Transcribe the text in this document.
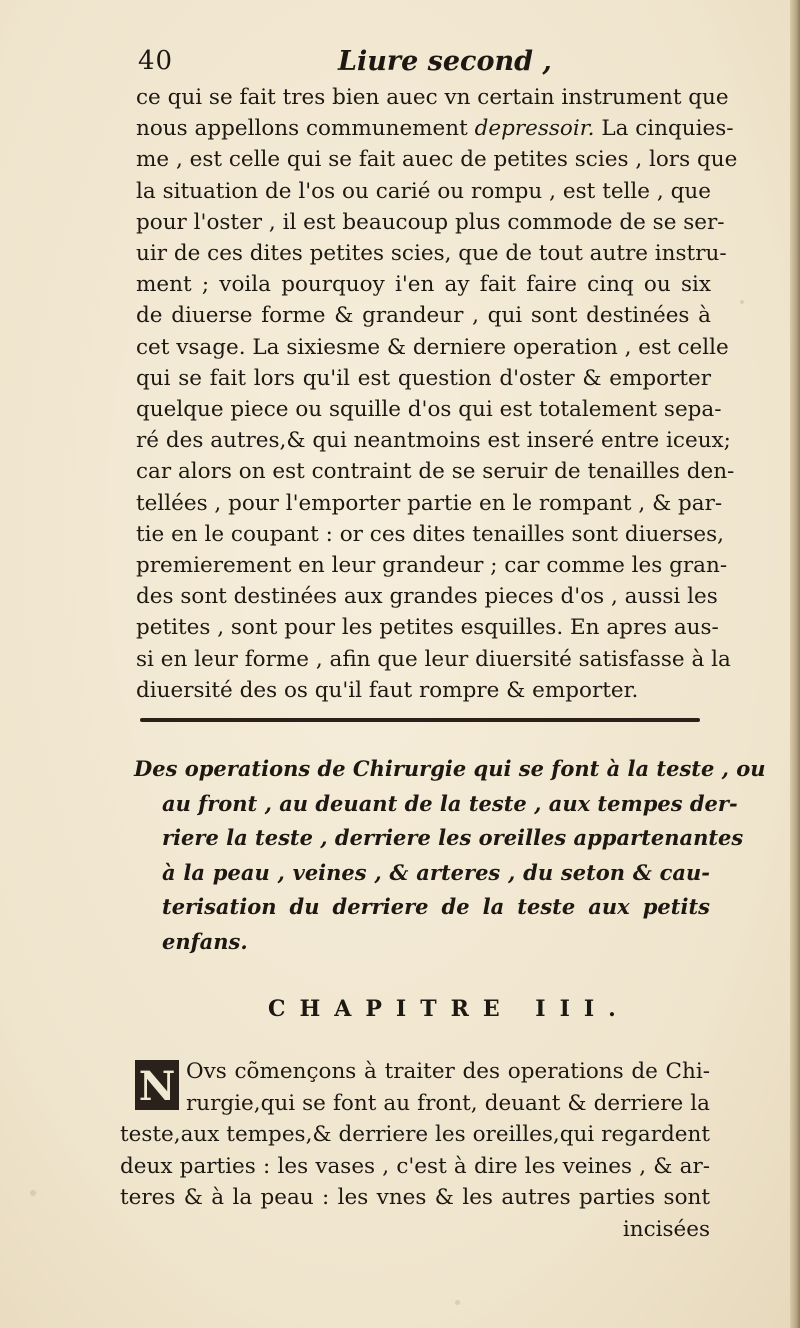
40	Liure second ,
ce qui se fait tres bien auec vn certain instrument que
nous appellons communement depressoir. La cinquies-
me , est celle qui se fait auec de petites scies , lors que
la situation de l'os ou carié ou rompu , est telle , que
pour l'oster , il est beaucoup plus commode de se ser-
uir de ces dites petites scies, que de tout autre instru-
ment ; voila pourquoy i'en ay fait faire cinq ou six
de diuerse forme & grandeur , qui sont destinées à
cet vsage. La sixiesme & derniere operation , est celle
qui se fait lors qu'il est question d'oster & emporter
quelque piece ou squille d'os qui est totalement sepa-
ré des autres,& qui neantmoins est inseré entre iceux;
car alors on est contraint de se seruir de tenailles den-
tellées , pour l'emporter partie en le rompant , & par-
tie en le coupant : or ces dites tenailles sont diuerses,
premierement en leur grandeur ; car comme les gran-
des sont destinées aux grandes pieces d'os , aussi les
petites , sont pour les petites esquilles. En apres aus-
si en leur forme , afin que leur diuersité satisfasse à la
diuersité des os qu'il faut rompre & emporter.
Des operations de Chirurgie qui se font à la teste , ou
au front , au deuant de la teste , aux tempes der-
riere la teste , derriere les oreilles appartenantes
à la peau , veines , & arteres , du seton & cau-
terisation du derriere de la teste aux petits
enfans.
CHAPITRE III.
N Ovs cõmençons à traiter des operations de Chi-
rurgie,qui se font au front, deuant & derriere la
teste,aux tempes,& derriere les oreilles,qui regardent
deux parties : les vases , c'est à dire les veines , & ar-
teres & à la peau : les vnes & les autres parties sont
incisées
